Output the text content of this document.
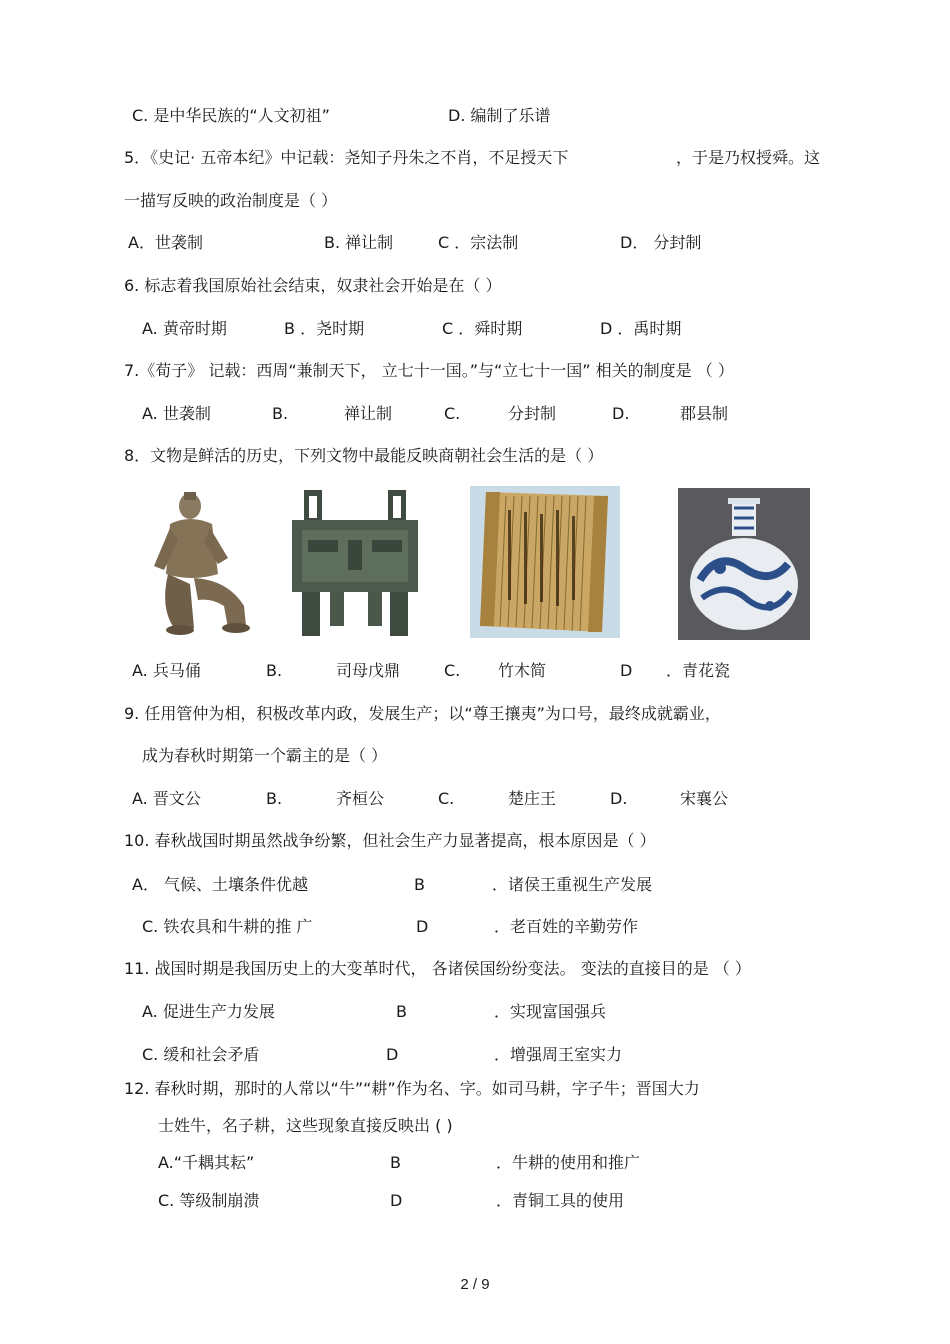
C. 是中华民族的“人文初祖”	D. 编制了乐谱
5．《史记· 五帝本纪》中记载：尧知子丹朱之不肖，不足授天下	，于是乃权授舜。这
一描写反映的政治制度是（ ）
A．世袭制	B. 禅让制	C ．宗法制	D． 分封制
6. 标志着我国原始社会结束，奴隶社会开始是在（ ）
A. 黄帝时期	B ．尧时期	C ．舜时期	D ．禹时期
7.《荀子》 记载：西周“兼制天下， 立七十一国。”与“立七十一国” 相关的制度是 （ ）
A. 世袭制	B.	禅让制	C.	分封制	D.	郡县制
8．文物是鲜活的历史，下列文物中最能反映商朝社会生活的是（ ）
A. 兵马俑	B.	司母戊鼎	C. 竹木简	D ．青花瓷
9. 任用管仲为相，积极改革内政，发展生产；以“尊王攘夷”为口号，最终成就霸业，
成为春秋时期第一个霸主的是（ ）
A. 晋文公	B.	齐桓公	C.	楚庄王	D.	宋襄公
10. 春秋战国时期虽然战争纷繁，但社会生产力显著提高，根本原因是（ ）
A． 气候、土壤条件优越	B	．诸侯王重视生产发展
C. 铁农具和牛耕的推 广	D	．老百姓的辛勤劳作
11. 战国时期是我国历史上的大变革时代， 各诸侯国纷纷变法。 变法的直接目的是 （ ）
A. 促进生产力发展	B	．实现富国强兵
C. 缓和社会矛盾	D	．增强周王室实力
12. 春秋时期，那时的人常以“牛”“耕”作为名、字。如司马耕，字子牛；晋国大力
士姓牛，名子耕，这些现象直接反映出 ( )
A.“千耦其耘”	B	．牛耕的使用和推广
C. 等级制崩溃	D	．青铜工具的使用
2 / 9
